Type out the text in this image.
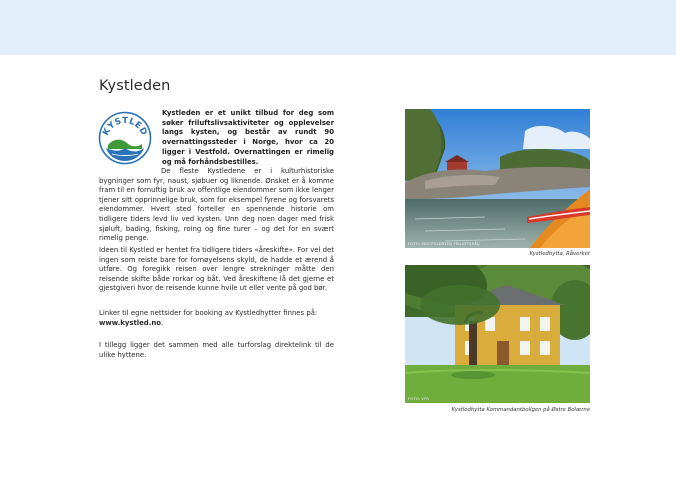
Kystleden
KYSTLED

Kystleden er et unikt tilbud for deg som søker friluftslivsaktiviteter og opplevelser langs kysten, og består av rundt 90 overnattingssteder i Norge, hvor ca 20 ligger i Vestfold. Overnattingen er rimelig og må forhåndsbestilles.

De fleste Kystledene er i kulturhistoriske bygninger som fyr, naust, sjøbuer og liknende. Ønsket er å komme fram til en fornuftig bruk av offentlige eiendommer som ikke lenger tjener sitt opprinnelige bruk, som for eksempel fyrene og forsvarets eiendommer. Hvert sted forteller en spennende historie om tidligere tiders levd liv ved kysten. Unn deg noen dager med frisk sjøluft, bading, fisking, roing og fine turer – og det for en svært rimelig penge.

Ideen til Kystled er hentet fra tidligere tiders «åreskifte». For vel det ingen som reiste bare for fornøyelsens skyld, de hadde et ærend å utføre. Og foregikk reisen over lengre strekninger måtte den reisende skifte både rorkar og båt. Ved åreskiftene lå det gjerne et gjestgiveri hvor de reisende kunne hvile ut eller vente på god bør.

Linker til egne nettsider for booking av Kystledhytter finnes på:
www.kystled.no.

I tillegg ligger det sammen med alle turforslag direktelink til de ulike hyttene.

FOTO: VESTFOLDBYEN FRILUFTSRÅD
Kystledhytta, Råverket
FOTO: VFR
Kystledhytta Kommandantboligen på Østre Bolærne
